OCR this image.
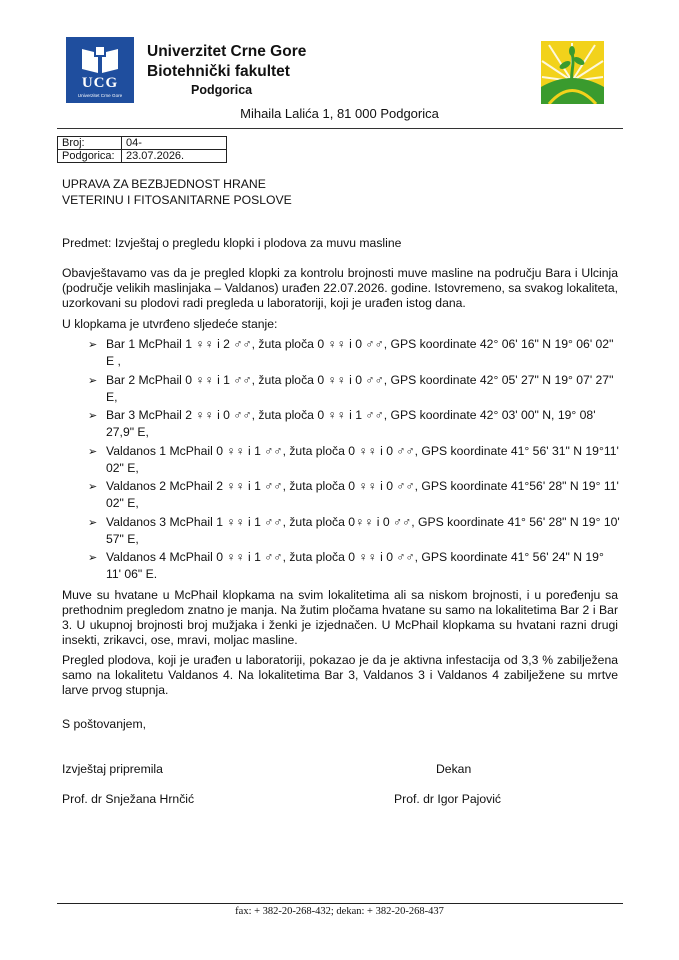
UCG
Univerzitet Crne Gore
Univerzitet Crne Gore
Biotehnički fakultet
Podgorica
Mihaila Lalića 1, 81 000 Podgorica
Broj:	04-
Podgorica:	23.07.2026.
UPRAVA ZA BEZBJEDNOST HRANE
VETERINU I FITOSANITARNE POSLOVE
Predmet: Izvještaj o pregledu klopki i plodova za muvu masline
Obavještavamo vas da je pregled klopki za kontrolu brojnosti muve masline na području Bara i Ulcinja (područje velikih maslinjaka – Valdanos) urađen 22.07.2026. godine. Istovremeno, sa svakog lokaliteta, uzorkovani su plodovi radi pregleda u laboratoriji, koji je urađen istog dana.
U klopkama je utvrđeno sljedeće stanje:
➢ Bar 1 McPhail 1 ♀♀ i 2 ♂♂, žuta ploča 0 ♀♀ i 0 ♂♂, GPS koordinate 42° 06' 16" N 19° 06' 02" E ,
➢ Bar 2 McPhail 0 ♀♀ i 1 ♂♂, žuta ploča 0 ♀♀ i 0 ♂♂, GPS koordinate 42° 05' 27" N 19° 07' 27" E,
➢ Bar 3 McPhail 2 ♀♀ i 0 ♂♂, žuta ploča 0 ♀♀ i 1 ♂♂, GPS koordinate 42° 03' 00" N, 19° 08' 27,9" E,
➢ Valdanos 1 McPhail 0 ♀♀ i 1 ♂♂, žuta ploča 0 ♀♀ i 0 ♂♂, GPS koordinate 41° 56' 31" N 19°11' 02" E,
➢ Valdanos 2 McPhail 2 ♀♀ i 1 ♂♂, žuta ploča 0 ♀♀ i 0 ♂♂, GPS koordinate 41°56' 28" N 19° 11' 02" E,
➢ Valdanos 3 McPhail 1 ♀♀ i 1 ♂♂, žuta ploča 0♀♀ i 0 ♂♂, GPS koordinate 41° 56' 28" N 19° 10' 57" E,
➢ Valdanos 4 McPhail 0 ♀♀ i 1 ♂♂, žuta ploča 0 ♀♀ i 0 ♂♂, GPS koordinate 41° 56' 24" N 19° 11' 06" E.
Muve su hvatane u McPhail klopkama na svim lokalitetima ali sa niskom brojnosti, i u poređenju sa prethodnim pregledom znatno je manja. Na žutim pločama hvatane su samo na lokalitetima Bar 2 i Bar 3. U ukupnoj brojnosti broj mužjaka i ženki je izjednačen. U McPhail klopkama su hvatani razni drugi insekti, zrikavci, ose, mravi, moljac masline.
Pregled plodova, koji je urađen u laboratoriji, pokazao je da je aktivna infestacija od 3,3 % zabilježena samo na lokalitetu Valdanos 4. Na lokalitetima Bar 3, Valdanos 3 i Valdanos 4 zabilježene su mrtve larve prvog stupnja.
S poštovanjem,
Izvještaj pripremila	Dekan
Prof. dr Snježana Hrnčić	Prof. dr Igor Pajović
fax: + 382-20-268-432; dekan: + 382-20-268-437
